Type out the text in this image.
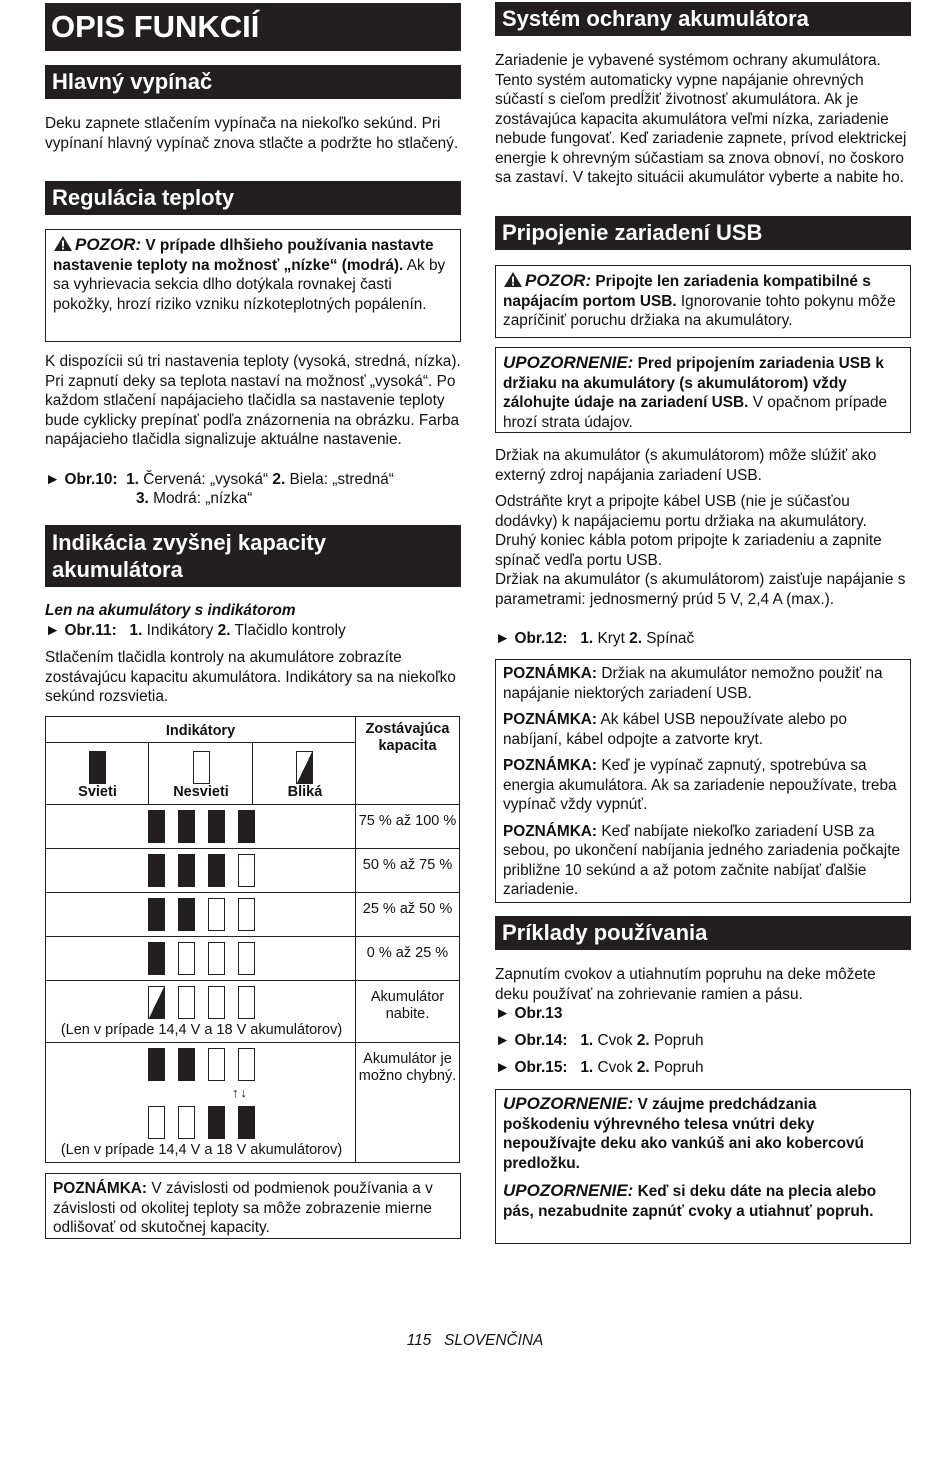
OPIS FUNKCIÍ
Hlavný vypínač
Deku zapnete stlačením vypínača na niekoľko sekúnd. Pri vypínaní hlavný vypínač znova stlačte a podržte ho stlačený.
Regulácia teploty
POZOR: V prípade dlhšieho používania nastavte nastavenie teploty na možnosť „nízke“ (modrá). Ak by sa vyhrievacia sekcia dlho dotýkala rovnakej časti pokožky, hrozí riziko vzniku nízkoteplotných popálenín.
K dispozícii sú tri nastavenia teploty (vysoká, stredná, nízka). Pri zapnutí deky sa teplota nastaví na možnosť „vysoká“. Po každom stlačení napájacieho tlačidla sa nastavenie teploty bude cyklicky prepínať podľa znázornenia na obrázku. Farba napájacieho tlačidla signalizuje aktuálne nastavenie.
► Obr.10: 1. Červená: „vysoká“ 2. Biela: „stredná“
3. Modrá: „nízka“
Indikácia zvyšnej kapacity
akumulátora
Len na akumulátory s indikátorom
► Obr.11: 1. Indikátory 2. Tlačidlo kontroly
Stlačením tlačidla kontroly na akumulátore zobrazíte zostávajúcu kapacitu akumulátora. Indikátory sa na niekoľko sekúnd rozsvietia.
Indikátory
Svieti Nesvieti Bliká	Zostávajúca kapacita

	75 % až 100 %

	50 % až 75 %

	25 % až 50 %

	0 % až 25 %

(Len v prípade 14,4 V a 18 V akumulátorov)	Akumulátor nabite.

↑↓
(Len v prípade 14,4 V a 18 V akumulátorov)	Akumulátor je možno chybný.
POZNÁMKA: V závislosti od podmienok používania a v závislosti od okolitej teploty sa môže zobrazenie mierne odlišovať od skutočnej kapacity.
Systém ochrany akumulátora
Zariadenie je vybavené systémom ochrany akumulátora. Tento systém automaticky vypne napájanie ohrevných súčastí s cieľom predĺžiť životnosť akumulátora. Ak je zostávajúca kapacita akumulátora veľmi nízka, zariadenie nebude fungovať. Keď zariadenie zapnete, prívod elektrickej energie k ohrevným súčastiam sa znova obnoví, no čoskoro sa zastaví. V takejto situácii akumulátor vyberte a nabite ho.
Pripojenie zariadení USB
POZOR: Pripojte len zariadenia kompatibilné s napájacím portom USB. Ignorovanie tohto pokynu môže zapríčiniť poruchu držiaka na akumulátory.
UPOZORNENIE: Pred pripojením zariadenia USB k držiaku na akumulátory (s akumulátorom) vždy zálohujte údaje na zariadení USB. V opačnom prípade hrozí strata údajov.
Držiak na akumulátor (s akumulátorom) môže slúžiť ako externý zdroj napájania zariadení USB.
Odstráňte kryt a pripojte kábel USB (nie je súčasťou dodávky) k napájaciemu portu držiaka na akumulátory. Druhý koniec kábla potom pripojte k zariadeniu a zapnite spínač vedľa portu USB.
Držiak na akumulátor (s akumulátorom) zaisťuje napájanie s parametrami: jednosmerný prúd 5 V, 2,4 A (max.).
► Obr.12: 1. Kryt 2. Spínač
POZNÁMKA: Držiak na akumulátor nemožno použiť na napájanie niektorých zariadení USB.
POZNÁMKA: Ak kábel USB nepoužívate alebo po nabíjaní, kábel odpojte a zatvorte kryt.
POZNÁMKA: Keď je vypínač zapnutý, spotrebúva sa energia akumulátora. Ak sa zariadenie nepoužívate, treba vypínač vždy vypnúť.
POZNÁMKA: Keď nabíjate niekoľko zariadení USB za sebou, po ukončení nabíjania jedného zariadenia počkajte približne 10 sekúnd a až potom začnite nabíjať ďalšie zariadenie.
Príklady používania
Zapnutím cvokov a utiahnutím popruhu na deke môžete deku používať na zohrievanie ramien a pásu.
► Obr.13
► Obr.14: 1. Cvok 2. Popruh
► Obr.15: 1. Cvok 2. Popruh
UPOZORNENIE: V záujme predchádzania poškodeniu výhrevného telesa vnútri deky nepoužívajte deku ako vankúš ani ako kobercovú predložku.
UPOZORNENIE: Keď si deku dáte na plecia alebo pás, nezabudnite zapnúť cvoky a utiahnuť popruh.
115 SLOVENČINA
